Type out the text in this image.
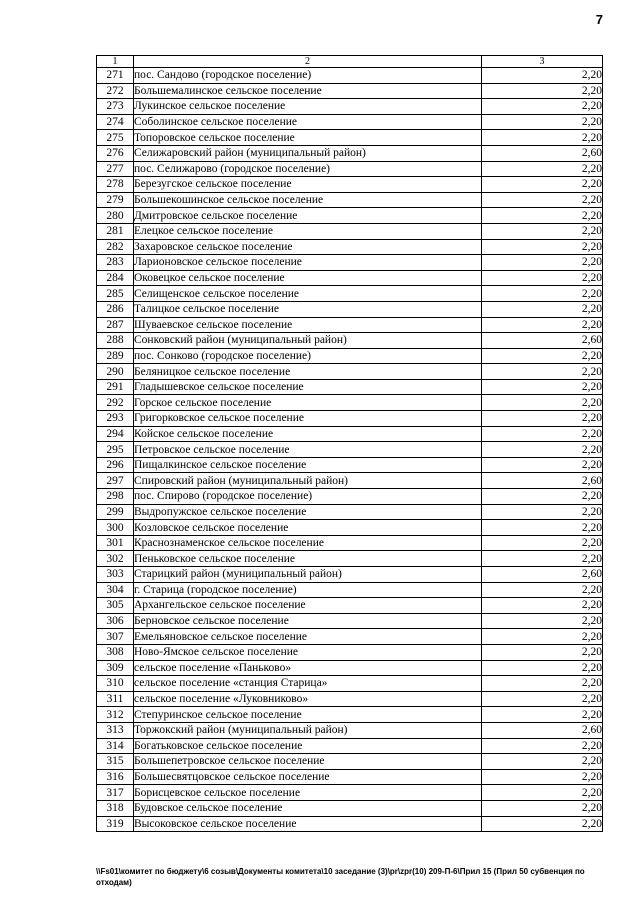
7
1	2	3
271	пос. Сандово (городское поселение)	2,20
272	Большемалинское сельское поселение	2,20
273	Лукинское сельское поселение	2,20
274	Соболинское сельское поселение	2,20
275	Топоровское сельское поселение	2,20
276	Селижаровский район (муниципальный район)	2,60
277	пос. Селижарово (городское поселение)	2,20
278	Березугское сельское поселение	2,20
279	Большекошинское сельское поселение	2,20
280	Дмитровское сельское поселение	2,20
281	Елецкое сельское поселение	2,20
282	Захаровское сельское поселение	2,20
283	Ларионовское сельское поселение	2,20
284	Оковецкое сельское поселение	2,20
285	Селищенское сельское поселение	2,20
286	Талицкое сельское поселение	2,20
287	Шуваевское сельское поселение	2,20
288	Сонковский район (муниципальный район)	2,60
289	пос. Сонково (городское поселение)	2,20
290	Беляницкое сельское поселение	2,20
291	Гладышевское сельское поселение	2,20
292	Горское сельское поселение	2,20
293	Григорковское сельское поселение	2,20
294	Койское сельское поселение	2,20
295	Петровское сельское поселение	2,20
296	Пищалкинское сельское поселение	2,20
297	Спировский район (муниципальный район)	2,60
298	пос. Спирово (городское поселение)	2,20
299	Выдропужское сельское поселение	2,20
300	Козловское сельское поселение	2,20
301	Краснознаменское сельское поселение	2,20
302	Пеньковское сельское поселение	2,20
303	Старицкий район (муниципальный район)	2,60
304	г. Старица (городское поселение)	2,20
305	Архангельское сельское поселение	2,20
306	Берновское сельское поселение	2,20
307	Емельяновское сельское поселение	2,20
308	Ново-Ямское сельское поселение	2,20
309	сельское поселение «Паньково»	2,20
310	сельское поселение «станция Старица»	2,20
311	сельское поселение «Луковниково»	2,20
312	Степуринское сельское поселение	2,20
313	Торжокский район (муниципальный район)	2,60
314	Богатьковское сельское поселение	2,20
315	Большепетровское сельское поселение	2,20
316	Большесвятцовское сельское поселение	2,20
317	Борисцевское сельское поселение	2,20
318	Будовское сельское поселение	2,20
319	Высоковское сельское поселение	2,20
\\Fs01\комитет по бюджету\6 созыв\Документы комитета\10 заседание (3)\pr\zpr(10) 209-П-6\Прил 15 (Прил 50 субвенция по отходам)
